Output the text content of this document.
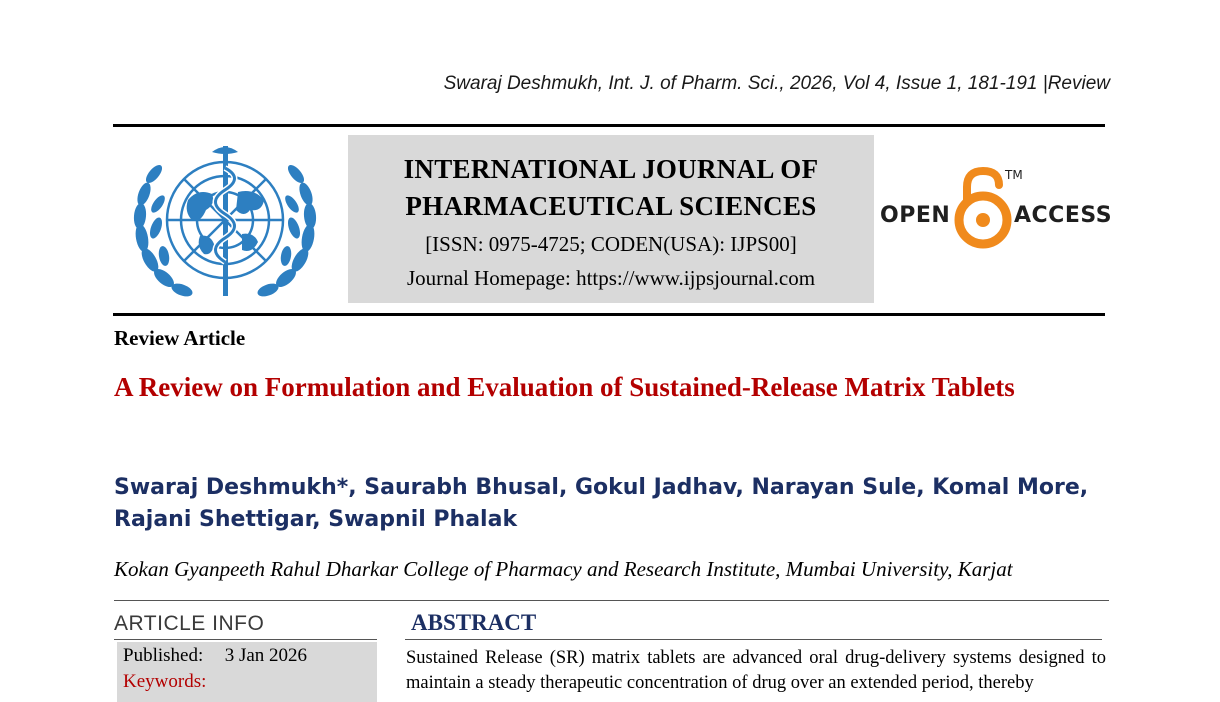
Swaraj Deshmukh, Int. J. of Pharm. Sci., 2026, Vol 4, Issue 1, 181-191 |Review
INTERNATIONAL JOURNAL OF
PHARMACEUTICAL SCIENCES
[ISSN: 0975-4725; CODEN(USA): IJPS00]
Journal Homepage: https://www.ijpsjournal.com
OPEN	ACCESS
TM
Review Article
A Review on Formulation and Evaluation of Sustained-Release Matrix Tablets
Swaraj Deshmukh*, Saurabh Bhusal, Gokul Jadhav, Narayan Sule, Komal More,
Rajani Shettigar, Swapnil Phalak
Kokan Gyanpeeth Rahul Dharkar College of Pharmacy and Research Institute, Mumbai University, Karjat
ARTICLE INFO
Published: 3 Jan 2026
Keywords:
ABSTRACT
Sustained Release (SR) matrix tablets are advanced oral drug-delivery systems designed to maintain a steady therapeutic concentration of drug over an extended period, thereby
